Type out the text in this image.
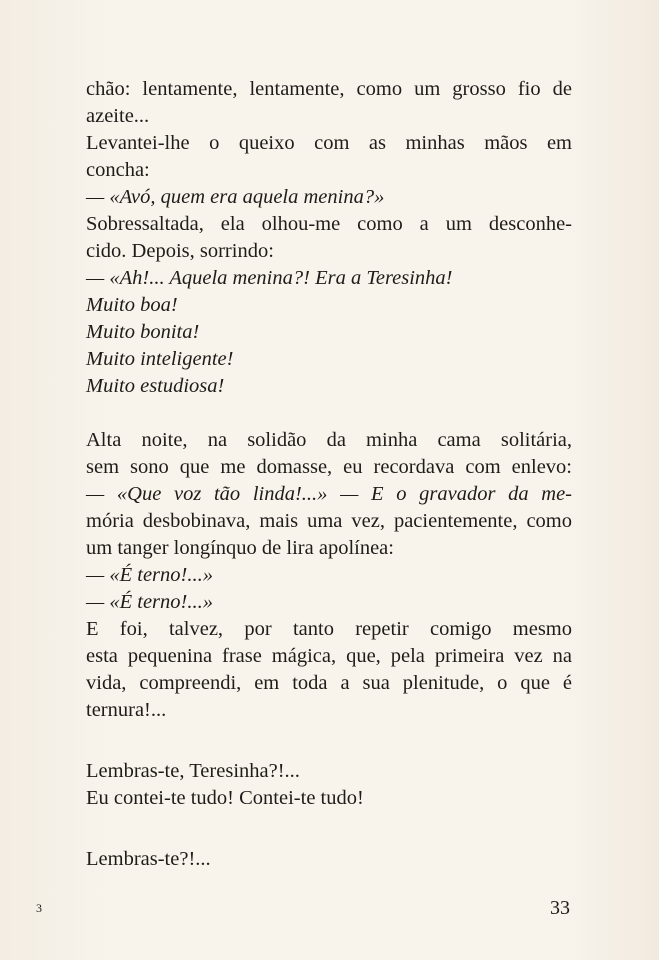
chão: lentamente, lentamente, como um grosso fio de
azeite...
Levantei-lhe o queixo com as minhas mãos em
concha:
— «Avó, quem era aquela menina?»
Sobressaltada, ela olhou-me como a um desconhe-
cido. Depois, sorrindo:
— «Ah!... Aquela menina?! Era a Teresinha!
Muito boa!
Muito bonita!
Muito inteligente!
Muito estudiosa!
Alta noite, na solidão da minha cama solitária,
sem sono que me domasse, eu recordava com enlevo:
— «Que voz tão linda!...» — E o gravador da me-
mória desbobinava, mais uma vez, pacientemente, como
um tanger longínquo de lira apolínea:
— «É terno!...»
— «É terno!...»
E foi, talvez, por tanto repetir comigo mesmo
esta pequenina frase mágica, que, pela primeira vez na
vida, compreendi, em toda a sua plenitude, o que é
ternura!...
Lembras-te, Teresinha?!...
Eu contei-te tudo! Contei-te tudo!
Lembras-te?!...
3	33
